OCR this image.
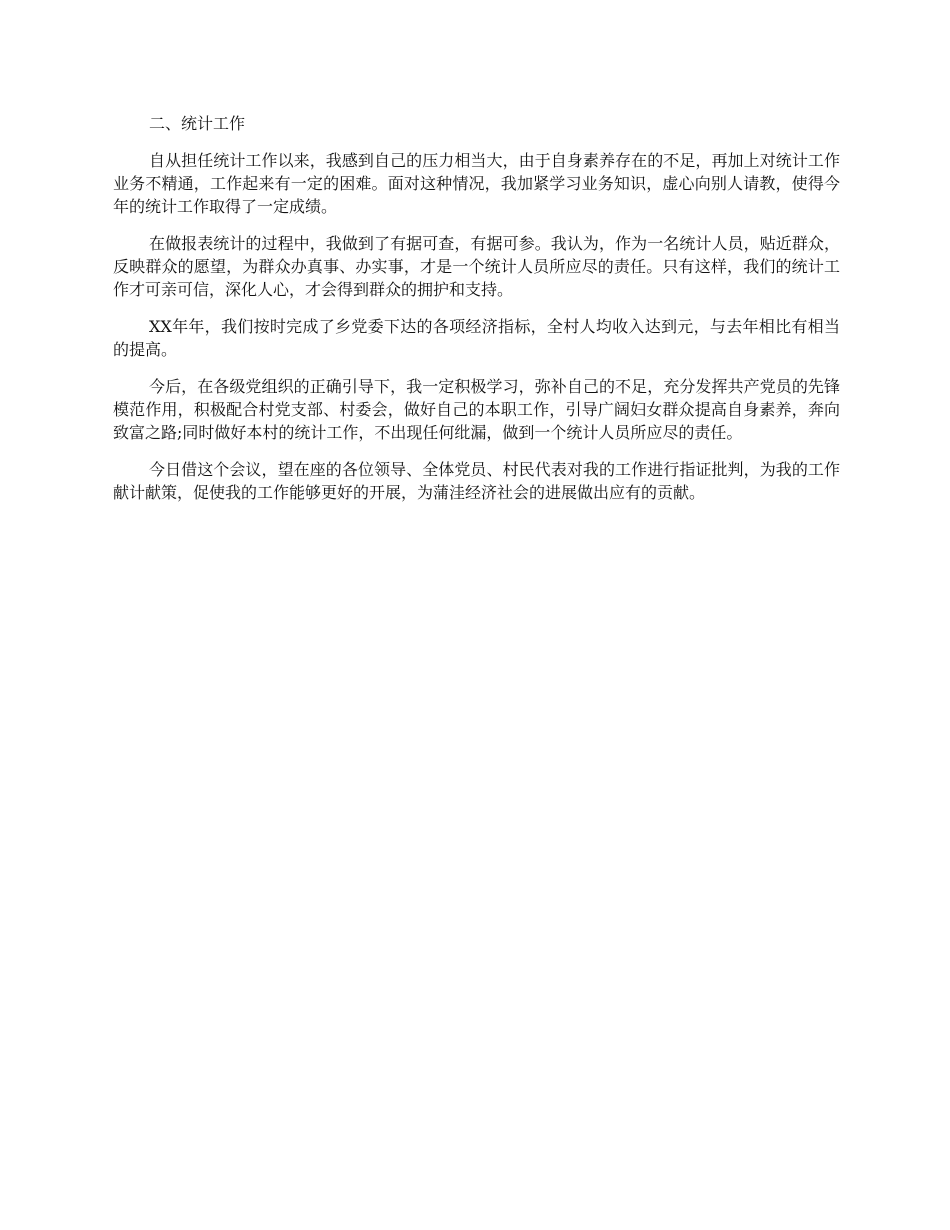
二、统计工作

自从担任统计工作以来，我感到自己的压力相当大，由于自身素养存在的不足，再加上对统计工作业务不精通，工作起来有一定的困难。面对这种情况，我加紧学习业务知识，虚心向别人请教，使得今年的统计工作取得了一定成绩。

在做报表统计的过程中，我做到了有据可查，有据可参。我认为，作为一名统计人员，贴近群众，反映群众的愿望，为群众办真事、办实事，才是一个统计人员所应尽的责任。只有这样，我们的统计工作才可亲可信，深化人心，才会得到群众的拥护和支持。

XX年年，我们按时完成了乡党委下达的各项经济指标，全村人均收入达到元，与去年相比有相当的提高。

今后，在各级党组织的正确引导下，我一定积极学习，弥补自己的不足，充分发挥共产党员的先锋模范作用，积极配合村党支部、村委会，做好自己的本职工作，引导广阔妇女群众提高自身素养，奔向致富之路;同时做好本村的统计工作，不出现任何纰漏，做到一个统计人员所应尽的责任。

今日借这个会议，望在座的各位领导、全体党员、村民代表对我的工作进行指证批判，为我的工作献计献策，促使我的工作能够更好的开展，为蒲洼经济社会的进展做出应有的贡献。
